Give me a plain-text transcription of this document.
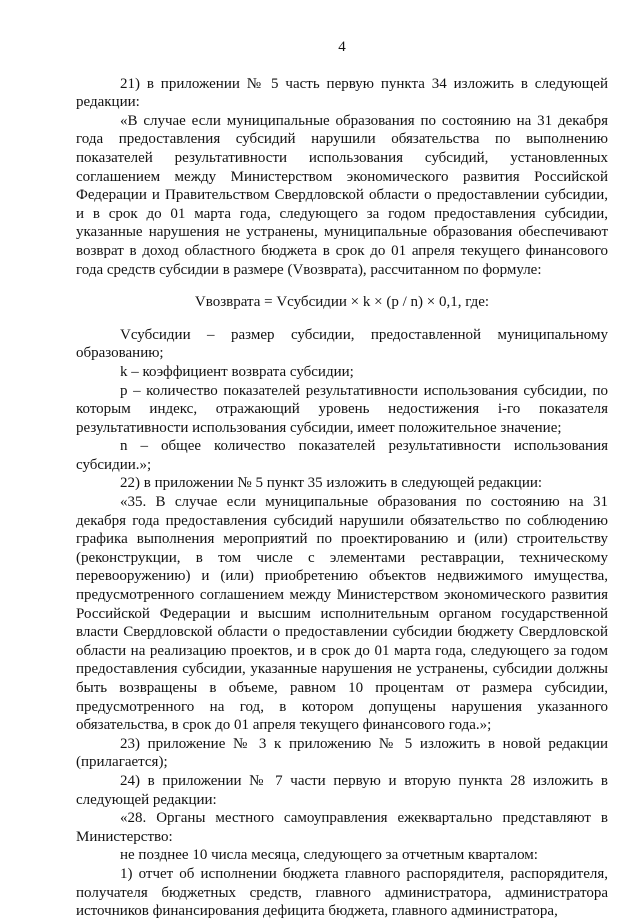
4

21) в приложении № 5 часть первую пункта 34 изложить в следующей редакции:

«В случае если муниципальные образования по состоянию на 31 декабря года предоставления субсидий нарушили обязательства по выполнению показателей результативности использования субсидий, установленных соглашением между Министерством экономического развития Российской Федерации и Правительством Свердловской области о предоставлении субсидии, и в срок до 01 марта года, следующего за годом предоставления субсидии, указанные нарушения не устранены, муниципальные образования обеспечивают возврат в доход областного бюджета в срок до 01 апреля текущего финансового года средств субсидии в размере (Vвозврата), рассчитанном по формуле:

Vвозврата = Vсубсидии × k × (p / n) × 0,1, где:

Vсубсидии – размер субсидии, предоставленной муниципальному образованию;

k – коэффициент возврата субсидии;

p – количество показателей результативности использования субсидии, по которым индекс, отражающий уровень недостижения i-го показателя результативности использования субсидии, имеет положительное значение;

n – общее количество показателей результативности использования субсидии.»;

22) в приложении № 5 пункт 35 изложить в следующей редакции:

«35. В случае если муниципальные образования по состоянию на 31 декабря года предоставления субсидий нарушили обязательство по соблюдению графика выполнения мероприятий по проектированию и (или) строительству (реконструкции, в том числе с элементами реставрации, техническому перевооружению) и (или) приобретению объектов недвижимого имущества, предусмотренного соглашением между Министерством экономического развития Российской Федерации и высшим исполнительным органом государственной власти Свердловской области о предоставлении субсидии бюджету Свердловской области на реализацию проектов, и в срок до 01 марта года, следующего за годом предоставления субсидии, указанные нарушения не устранены, субсидии должны быть возвращены в объеме, равном 10 процентам от размера субсидии, предусмотренного на год, в котором допущены нарушения указанного обязательства, в срок до 01 апреля текущего финансового года.»;

23) приложение № 3 к приложению № 5 изложить в новой редакции (прилагается);

24) в приложении № 7 части первую и вторую пункта 28 изложить в следующей редакции:

«28. Органы местного самоуправления ежеквартально представляют в Министерство:

не позднее 10 числа месяца, следующего за отчетным кварталом:

1) отчет об исполнении бюджета главного распорядителя, распорядителя, получателя бюджетных средств, главного администратора, администратора источников финансирования дефицита бюджета, главного администратора,
